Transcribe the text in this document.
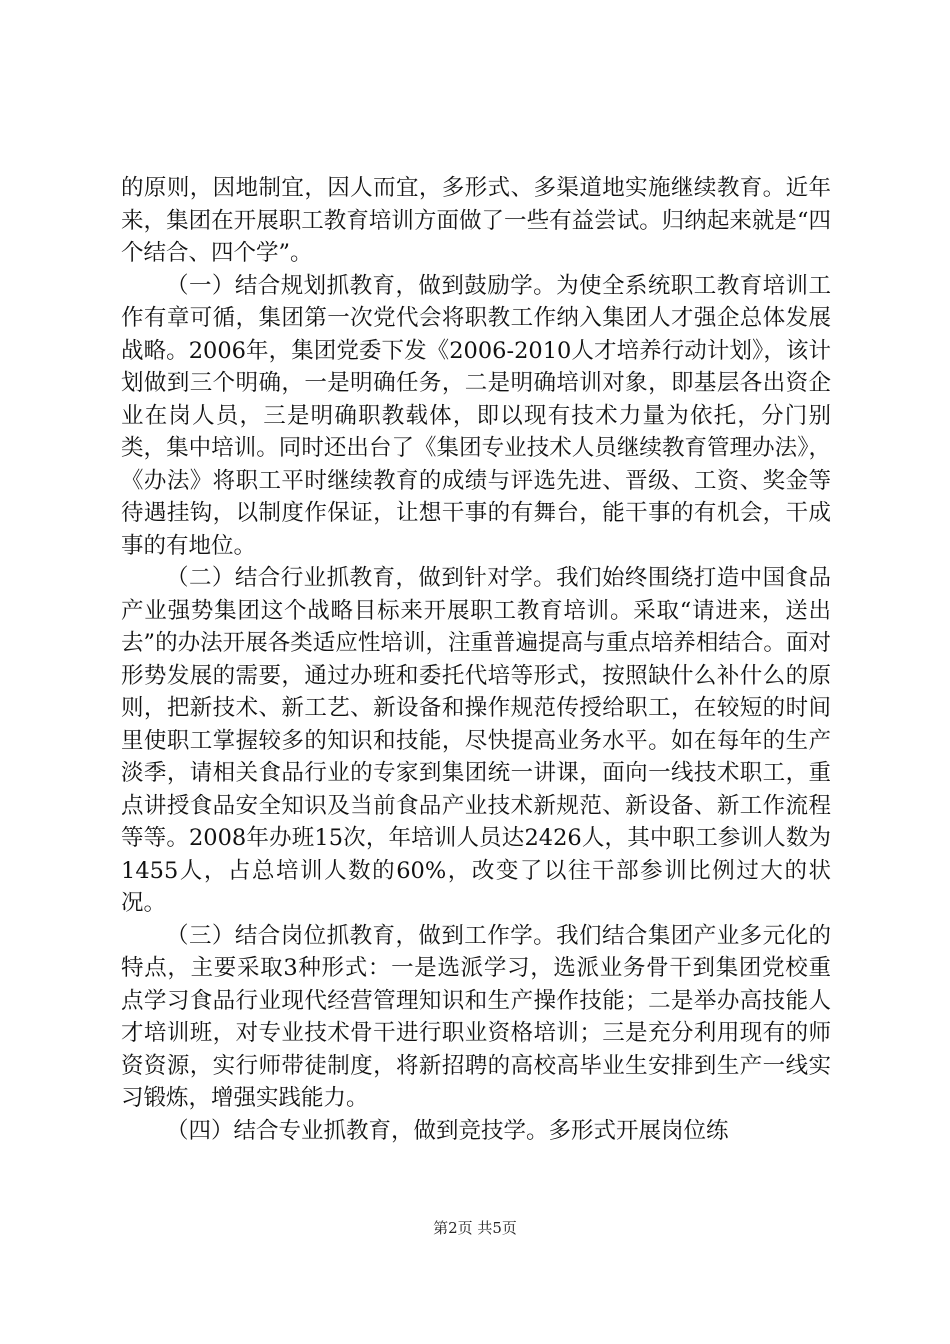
的原则，因地制宜，因人而宜，多形式、多渠道地实施继续教育。近年来，集团在开展职工教育培训方面做了一些有益尝试。归纳起来就是“四个结合、四个学”。

（一）结合规划抓教育，做到鼓励学。为使全系统职工教育培训工作有章可循，集团第一次党代会将职教工作纳入集团人才强企总体发展战略。2006年，集团党委下发《2006-2010人才培养行动计划》，该计划做到三个明确，一是明确任务，二是明确培训对象，即基层各出资企业在岗人员，三是明确职教载体，即以现有技术力量为依托，分门别类，集中培训。同时还出台了《集团专业技术人员继续教育管理办法》，《办法》将职工平时继续教育的成绩与评选先进、晋级、工资、奖金等待遇挂钩，以制度作保证，让想干事的有舞台，能干事的有机会，干成事的有地位。

（二）结合行业抓教育，做到针对学。我们始终围绕打造中国食品产业强势集团这个战略目标来开展职工教育培训。采取“请进来，送出去”的办法开展各类适应性培训，注重普遍提高与重点培养相结合。面对形势发展的需要，通过办班和委托代培等形式，按照缺什么补什么的原则，把新技术、新工艺、新设备和操作规范传授给职工，在较短的时间里使职工掌握较多的知识和技能，尽快提高业务水平。如在每年的生产淡季，请相关食品行业的专家到集团统一讲课，面向一线技术职工，重点讲授食品安全知识及当前食品产业技术新规范、新设备、新工作流程等等。2008年办班15次，年培训人员达2426人，其中职工参训人数为1455人，占总培训人数的60%，改变了以往干部参训比例过大的状况。

（三）结合岗位抓教育，做到工作学。我们结合集团产业多元化的特点，主要采取3种形式：一是选派学习，选派业务骨干到集团党校重点学习食品行业现代经营管理知识和生产操作技能；二是举办高技能人才培训班，对专业技术骨干进行职业资格培训；三是充分利用现有的师资资源，实行师带徒制度，将新招聘的高校高毕业生安排到生产一线实习锻炼，增强实践能力。

（四）结合专业抓教育，做到竞技学。多形式开展岗位练

第2页 共5页
